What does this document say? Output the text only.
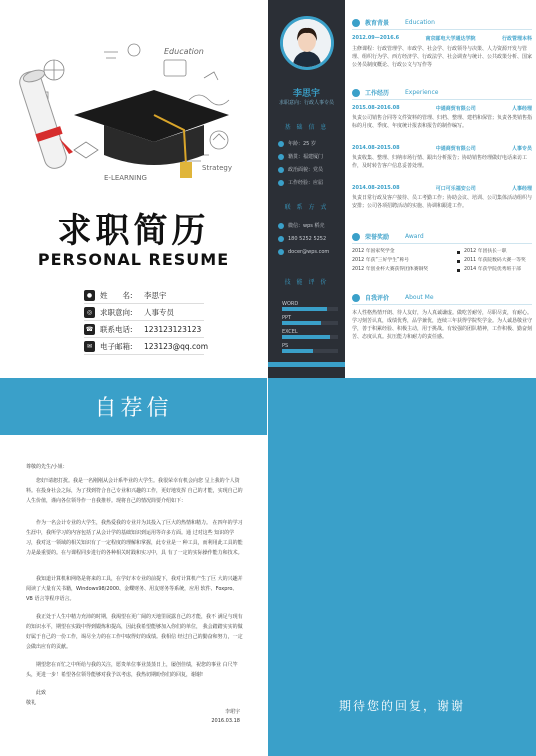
Education
E-LEARNING
Strategy
求职简历
PERSONAL RESUME
●	姓　　名:	李思宇
◎	求职意向:	人事专员
☎ 联系电话:	123123123123
✉	电子邮箱:	123123@qq.com
李思宇
求职意向：行政人事专员
基 础 信 息
年龄：25 岁
籍贯：福建厦门
政治面貌：党员
工作经验：应届
联 系 方 式
微信：wps 稻壳
180 5252 5252
docer@wps.com
技 能 评 价
WORD
PPT
EXCEL
PS
教育背景	Education
2012.09—2016.6	南京邮电大学通达学院	行政管理本科
主修课程：行政管理学、市政学、社会学、行政领导与决策、人力资源开发与管理、组织行为学、西方经济学、行政法学、社会调查与统计、公共政策分析、国家公务员制度概论、行政公文与写作等
工作经历	Experience
2015.08-2016.08	中通商贸有限公司	人事经理
负责公司销售合同等文件资料的管理、归档、整理、建档和保管；负责各类销售指标的月度、季度、年度统计报表和报告的制作编写。
2014.08-2015.08	中通商贸有限公司	人事专员
负责收集、整理、归纳市场行情、跟出分析报告；协助销售经理做好电话来访工作，及时转告客户信息妥善处理。
2014.08-2015.08	可口可乐福安公司	人事经理
负责日常行政及客户接待、员工考勤工作；协助会议、培训、公司集体活动组织与安排；公司各项招聘活动的实施、协调和跟进工作。
荣誉奖励	Award
2012 年国家奖学金	2012 年团扶长一职
2012 年获“三好学生”称号	2011 年获院数码大赛一等奖
2012 年创业杯大赛获得团体赛铜奖	2014 年获学院优秀班干部
自我评价	About Me
本人性格热情开朗、待人友好，为人真诚谦虚。做吃苦耐劳，尽职尽责，有耐心。学习刻苦认真，成绩优秀，品学兼优，连续三年获得学院奖学金。为人诚恳敬业守学，善于积累经验、积极主动，用于挑战。有较强的团队精神，工作积极、勤奋刻苦、态度认真。抗压能力和耐力的责任感。
自荐信
尊敬的先生/小姐：
您好!请恕打扰。我是一名刚刚从会计系毕业的大学生。我很荣幸有机会向您 呈上我的个人资料。在投身社会之际，为了找到符合自己专业和兴趣的工作，更好地发挥 自己的才能，实现自己的人生价值，谨向各位领导作一自我推荐。现将自己的情况简要介绍如下：
作为一名会计专业的大学生，我热爱我的专业并为其投入了巨大的热情和精力。 在四年的学习生涯中，我所学习的内容包括了从会计学的基础知识到运用等许多方面。通 过对这些 知识的学习，我对这一领域的相关知识有了一定程度的理解和掌握，此专业是一 种工具，而利用此工具的能力是最重要的。在与课程同步进行的各种相关时践和实习中，具 有了一定的实际操作能力和技术。
我知道计算机和网络是将来的工具，在学好本专业的前提下，我对计算机产生了巨 大的兴趣并阅读了大量有关书籍，Windows98/2000、金蝶财务、用友财务等系统，应用 软件、Foxpro、VB 语言等程序语言。
我正处于人生中精力充沛的时期，我渴望在更广阔的天地里展露自己的才能，我不 满足与现有的知识水平，期望在实践中得到锻炼和提高，因此我希望能够加入你们的单位， 我会踏踏实实的做好属于自己的一份工作，竭尽全力的在工作中取得好的成绩。我相信 经过自己的勤奋和努力，一定会做出应有的贡献。
期望您在百忙之中所给与我的关注，愿贵单位事业蒸蒸日上，屡创佳绩，祝您的事业 白尺竿头，更进一步！希望各位领导能够对我予以考虑，我热切期盼你们的回复，谢谢!
此致
敬礼
李珺宇
2016.03.18
期待您的回复，谢谢
